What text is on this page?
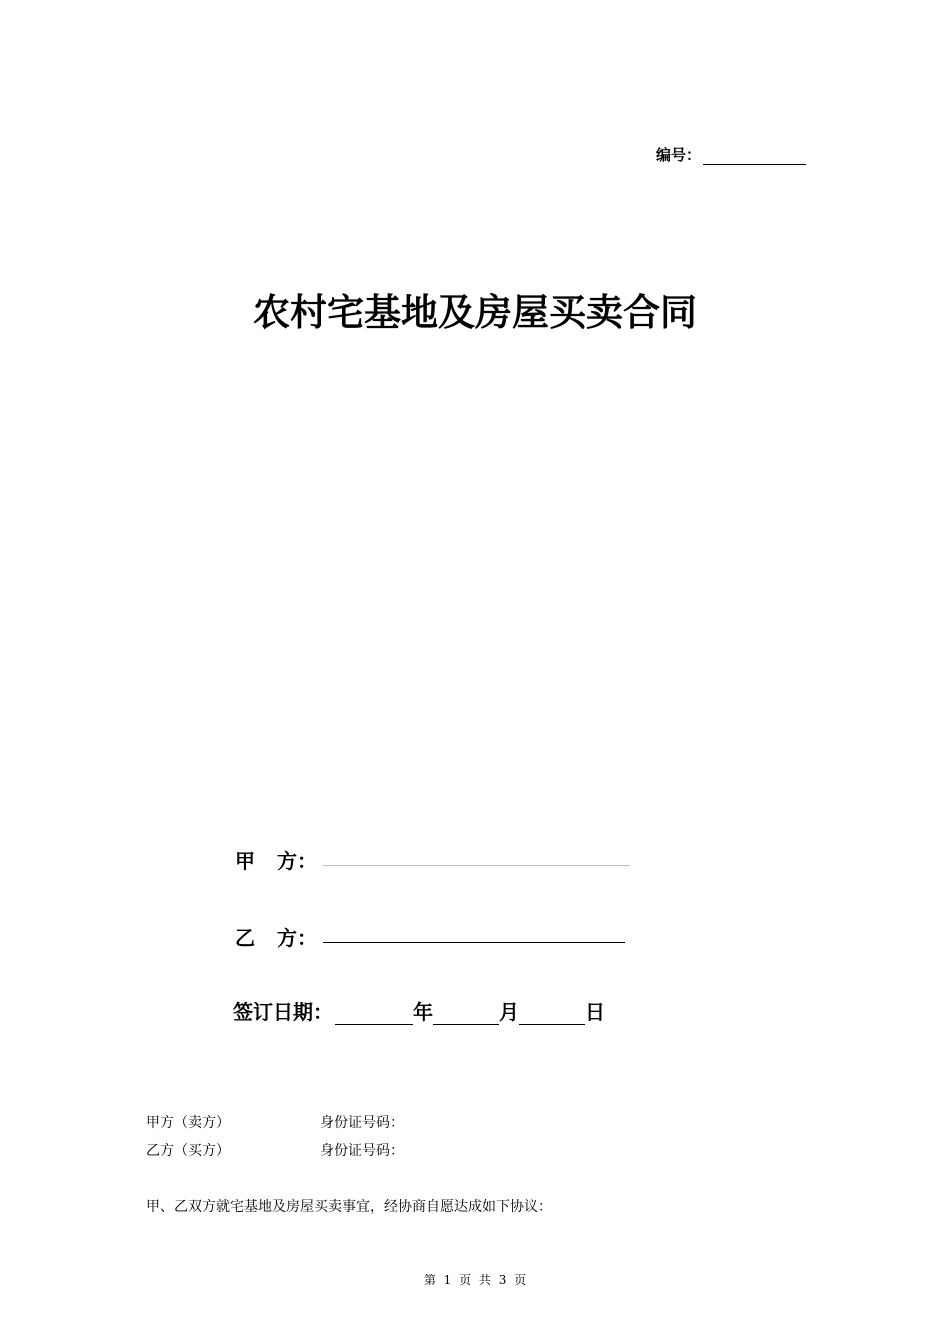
编号：
农村宅基地及房屋买卖合同
甲 方：
乙 方：
签订日期：	年	月	日
甲方（卖方）	身份证号码：
乙方（买方）	身份证号码：
甲、乙双方就宅基地及房屋买卖事宜，经协商自愿达成如下协议：
第 1 页 共 3 页
